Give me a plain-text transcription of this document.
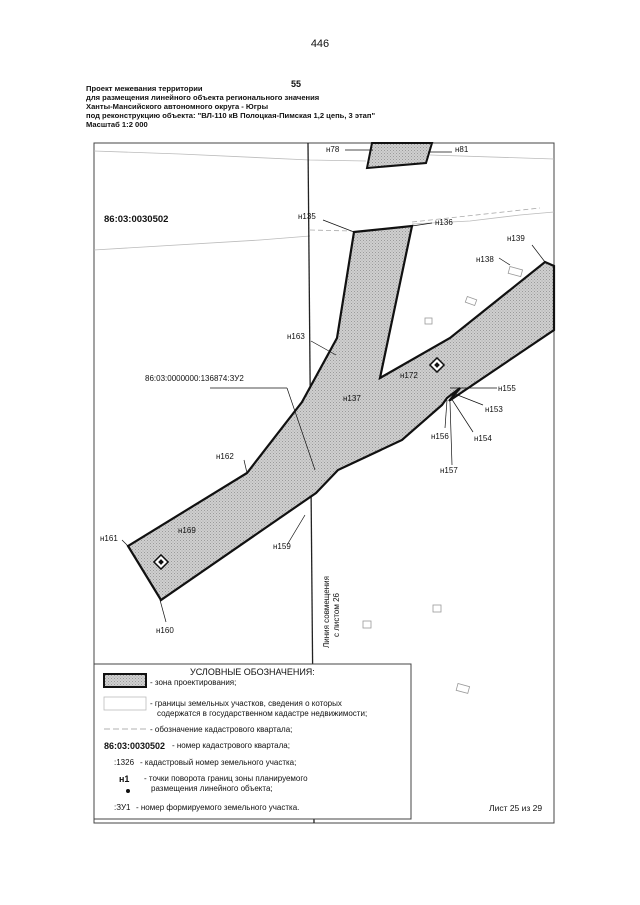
446
55
Проект межевания территории
для размещения линейного объекта регионального значения
Ханты-Мансийского автономного округа - Югры
под реконструкцию объекта: "ВЛ-110 кВ Полоцкая-Пимская 1,2 цепь, 3 этап"
Масштаб 1:2 000
н78	н81
86:03:0030502	н135
н136
н139
н138
н163
н172
86:03:0000000:136874:ЗУ2
н137
н155
н153
н156	н154
н157
н162
н161
н169
н159
н160	Линия совмещения с листом 26
УСЛОВНЫЕ ОБОЗНАЧЕНИЯ:
- зона проектирования;
- границы земельных участков, сведения о которых
содержатся в государственном кадастре недвижимости;
- обозначение кадастрового квартала;
86:03:0030502 - номер кадастрового квартала;
:1326 - кадастровый номер земельного участка;
н1 - точки поворота границ зоны планируемого
размещения линейного объекта;
:ЗУ1 - номер формируемого земельного участка.	Лист 25 из 29
